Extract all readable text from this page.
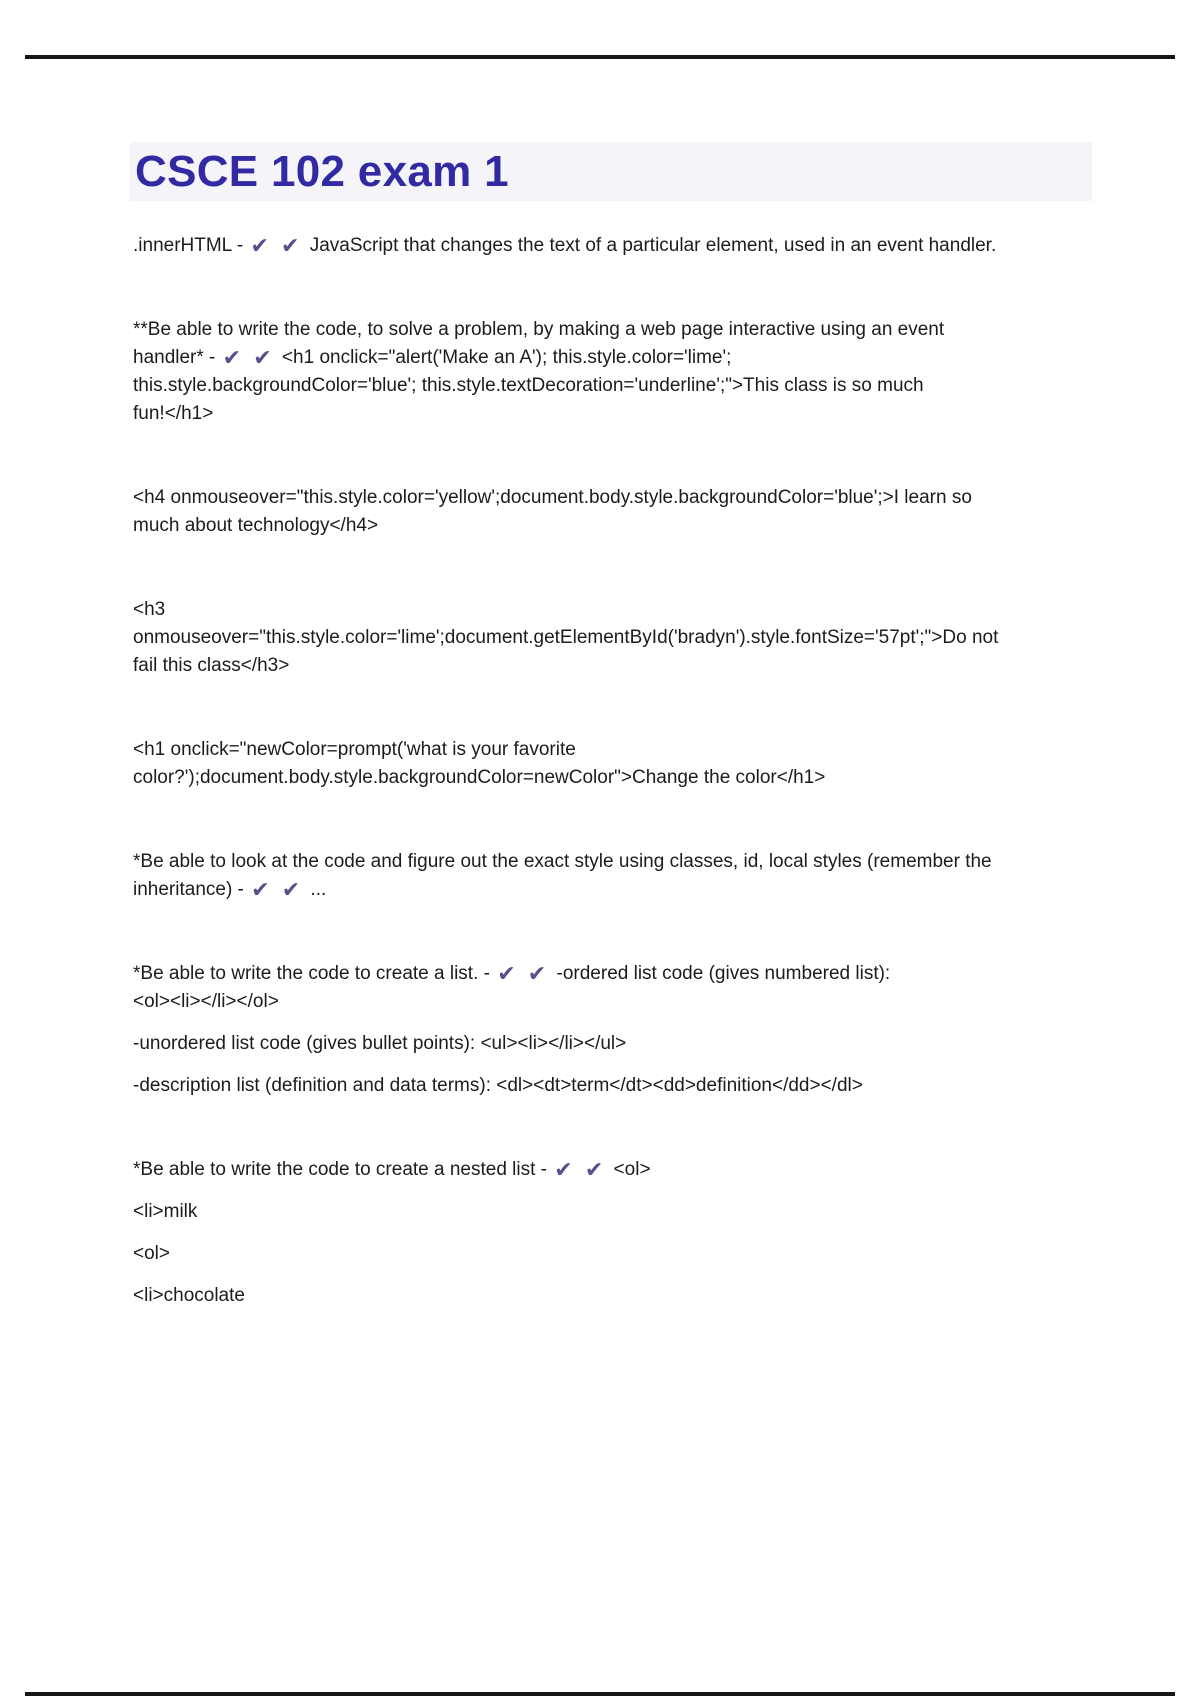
CSCE 102 exam 1
.innerHTML - ✔ ✔ JavaScript that changes the text of a particular element, used in an event handler.
**Be able to write the code, to solve a problem, by making a web page interactive using an event
handler* - ✔ ✔ <h1 onclick="alert('Make an A'); this.style.color='lime';
this.style.backgroundColor='blue'; this.style.textDecoration='underline';">This class is so much
fun!</h1>
<h4 onmouseover="this.style.color='yellow';document.body.style.backgroundColor='blue';>I learn so
much about technology</h4>
<h3
onmouseover="this.style.color='lime';document.getElementById('bradyn').style.fontSize='57pt';">Do not
fail this class</h3>
<h1 onclick="newColor=prompt('what is your favorite
color?');document.body.style.backgroundColor=newColor">Change the color</h1>
*Be able to look at the code and figure out the exact style using classes, id, local styles (remember the
inheritance) - ✔ ✔ ...
*Be able to write the code to create a list. - ✔ ✔ -ordered list code (gives numbered list):
<ol><li></li></ol>
-unordered list code (gives bullet points): <ul><li></li></ul>
-description list (definition and data terms): <dl><dt>term</dt><dd>definition</dd></dl>
*Be able to write the code to create a nested list - ✔ ✔ <ol>
<li>milk
<ol>
<li>chocolate
